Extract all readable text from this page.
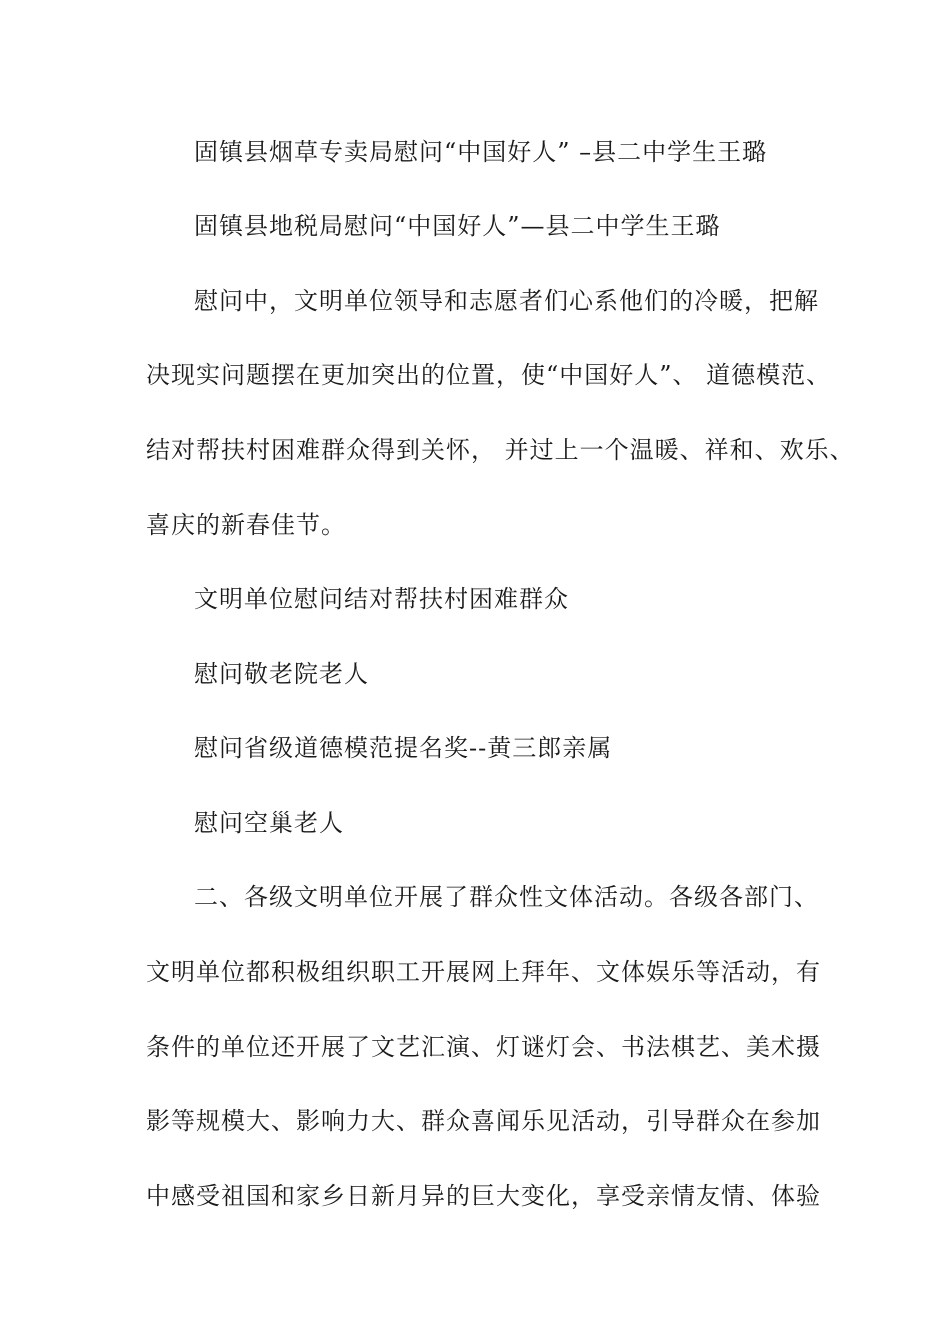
固镇县烟草专卖局慰问“中国好人” –县二中学生王璐
固镇县地税局慰问“中国好人”—县二中学生王璐
慰问中，文明单位领导和志愿者们心系他们的冷暖，把解
决现实问题摆在更加突出的位置，使“中国好人”、 道德模范、
结对帮扶村困难群众得到关怀， 并过上一个温暖、祥和、欢乐、
喜庆的新春佳节。
文明单位慰问结对帮扶村困难群众
慰问敬老院老人
慰问省级道德模范提名奖--黄三郎亲属
慰问空巢老人
二、各级文明单位开展了群众性文体活动。各级各部门、
文明单位都积极组织职工开展网上拜年、文体娱乐等活动，有
条件的单位还开展了文艺汇演、灯谜灯会、书法棋艺、美术摄
影等规模大、影响力大、群众喜闻乐见活动，引导群众在参加
中感受祖国和家乡日新月异的巨大变化，享受亲情友情、体验
